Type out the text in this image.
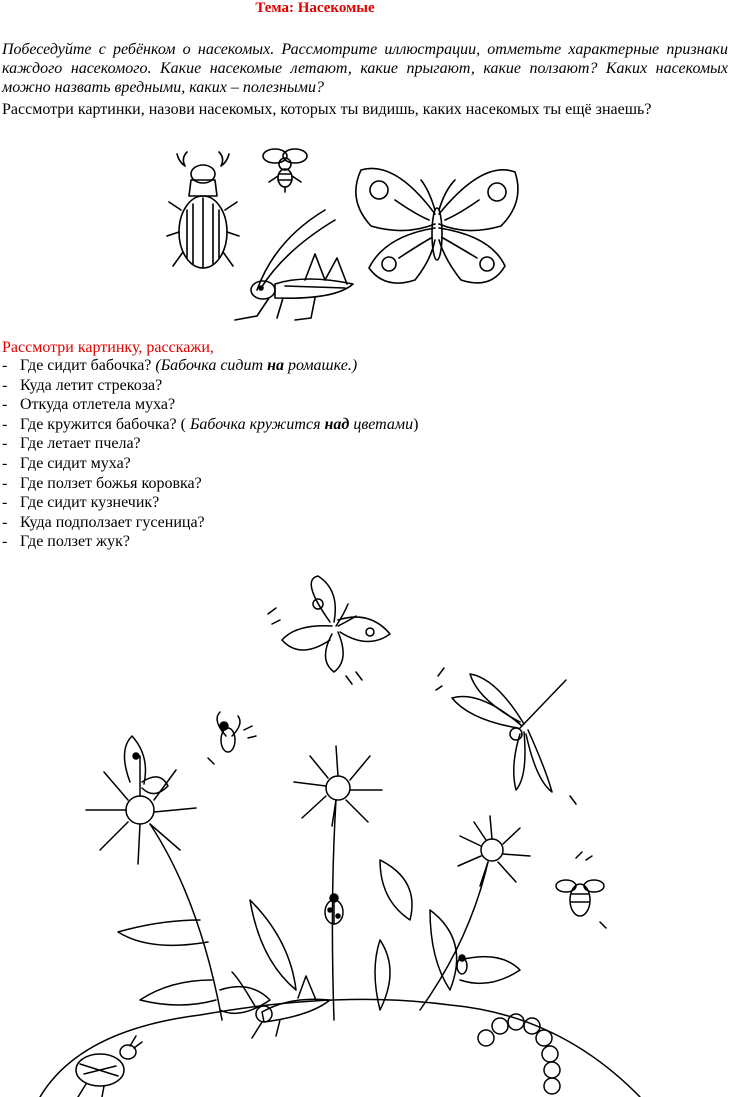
Тема: Насекомые
Побеседуйте с ребёнком о насекомых. Рассмотрите иллюстрации, отметьте характерные признаки каждого насекомого. Какие насекомые летают, какие прыгают, какие ползают? Каких насекомых можно назвать вредными, каких – полезными?
Рассмотри картинки, назови насекомых, которых ты видишь, каких насекомых ты ещё знаешь?
Рассмотри картинку, расскажи,
- Где сидит бабочка? (Бабочка сидит на ромашке.)
- Куда летит стрекоза?
- Откуда отлетела муха?
- Где кружится бабочка? ( Бабочка кружится над цветами)
- Где летает пчела?
- Где сидит муха?
- Где ползет божья коровка?
- Где сидит кузнечик?
- Куда подползает гусеница?
- Где ползет жук?
